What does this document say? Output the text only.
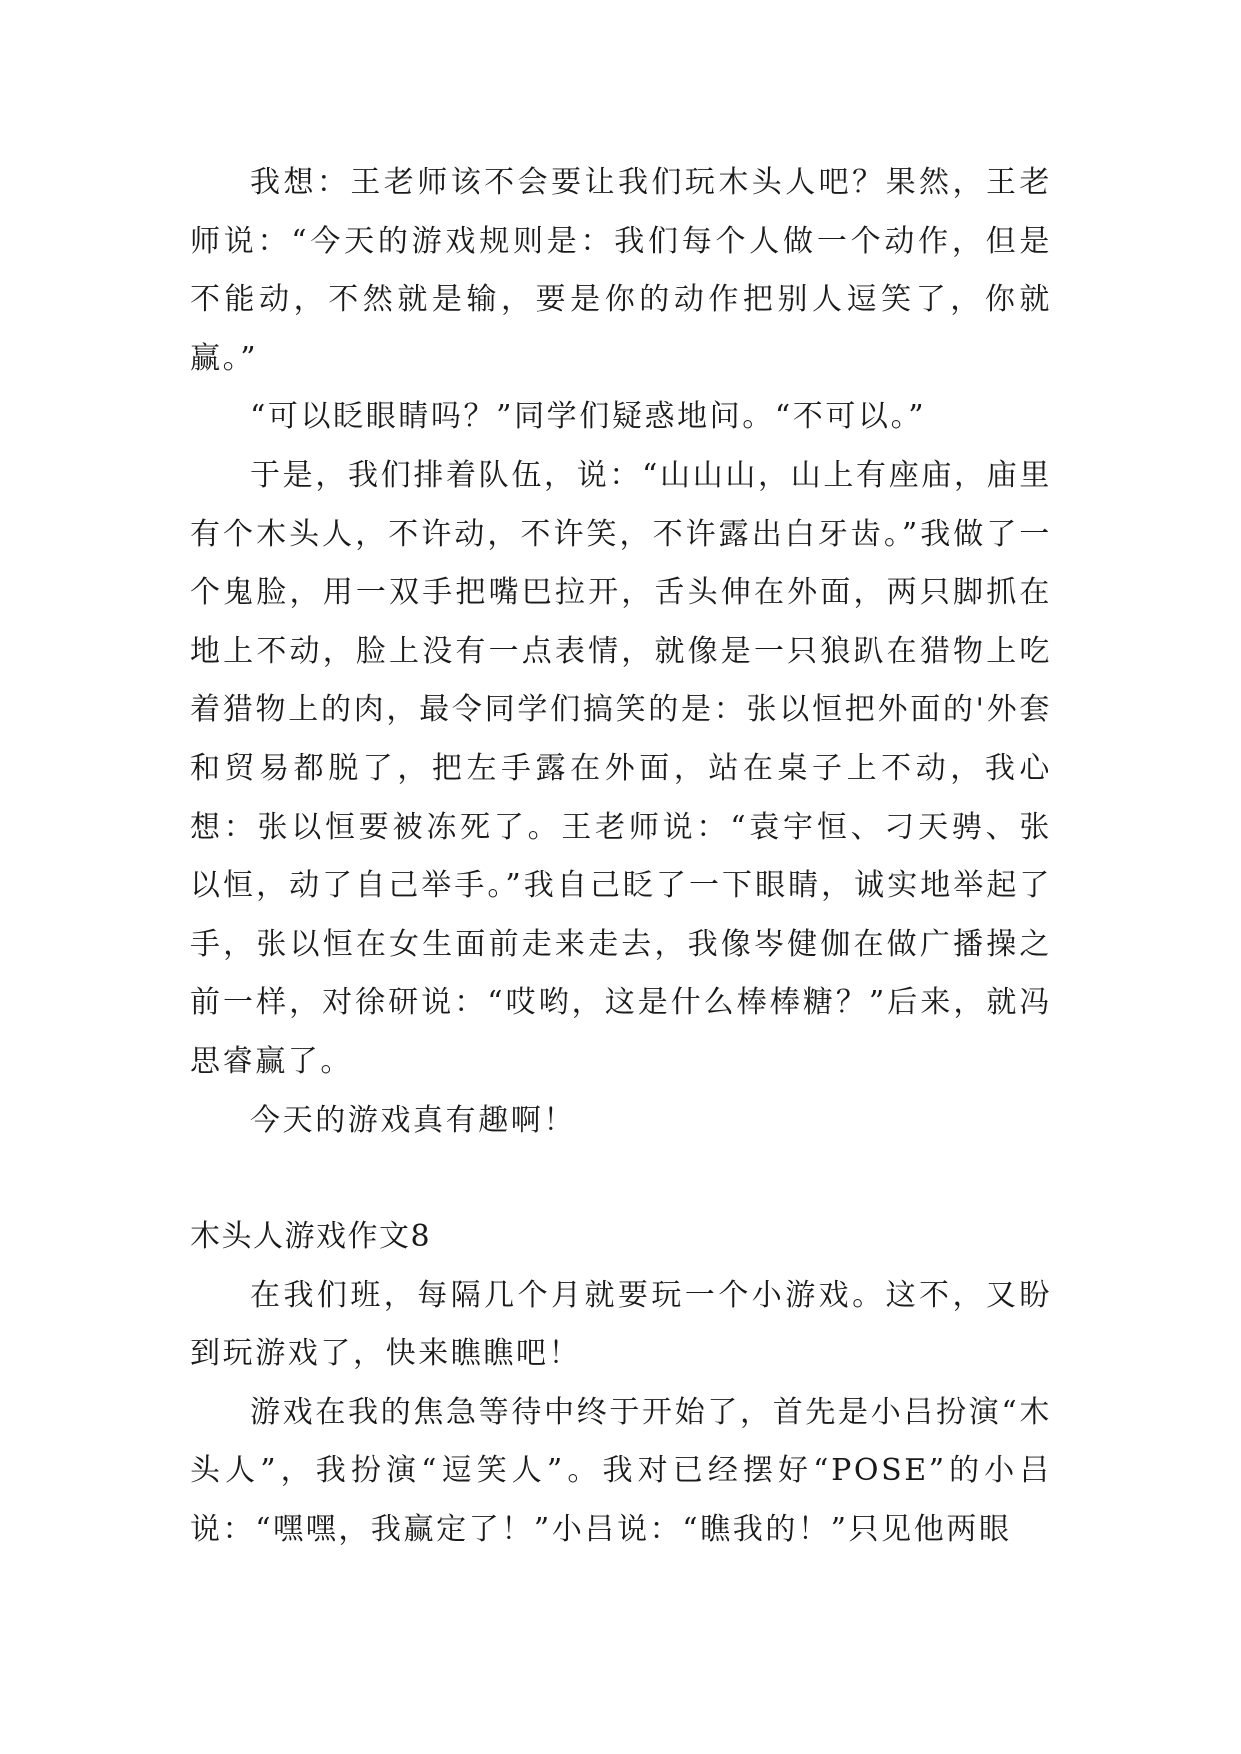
我想：王老师该不会要让我们玩木头人吧？果然，王老师说：“今天的游戏规则是：我们每个人做一个动作，但是不能动，不然就是输，要是你的动作把别人逗笑了，你就赢。”

“可以眨眼睛吗？”同学们疑惑地问。“不可以。”

于是，我们排着队伍，说：“山山山，山上有座庙，庙里有个木头人，不许动，不许笑，不许露出白牙齿。”我做了一个鬼脸，用一双手把嘴巴拉开，舌头伸在外面，两只脚抓在地上不动，脸上没有一点表情，就像是一只狼趴在猎物上吃着猎物上的肉，最令同学们搞笑的是：张以恒把外面的'外套和贸易都脱了，把左手露在外面，站在桌子上不动，我心想：张以恒要被冻死了。王老师说：“袁宇恒、刁天骋、张以恒，动了自己举手。”我自己眨了一下眼睛，诚实地举起了手，张以恒在女生面前走来走去，我像岑健伽在做广播操之前一样，对徐研说：“哎哟，这是什么棒棒糖？”后来，就冯思睿赢了。

今天的游戏真有趣啊！

木头人游戏作文8

在我们班，每隔几个月就要玩一个小游戏。这不，又盼到玩游戏了，快来瞧瞧吧！

游戏在我的焦急等待中终于开始了，首先是小吕扮演“木头人”，我扮演“逗笑人”。我对已经摆好“POSE”的小吕说：“嘿嘿，我赢定了！”小吕说：“瞧我的！”只见他两眼
